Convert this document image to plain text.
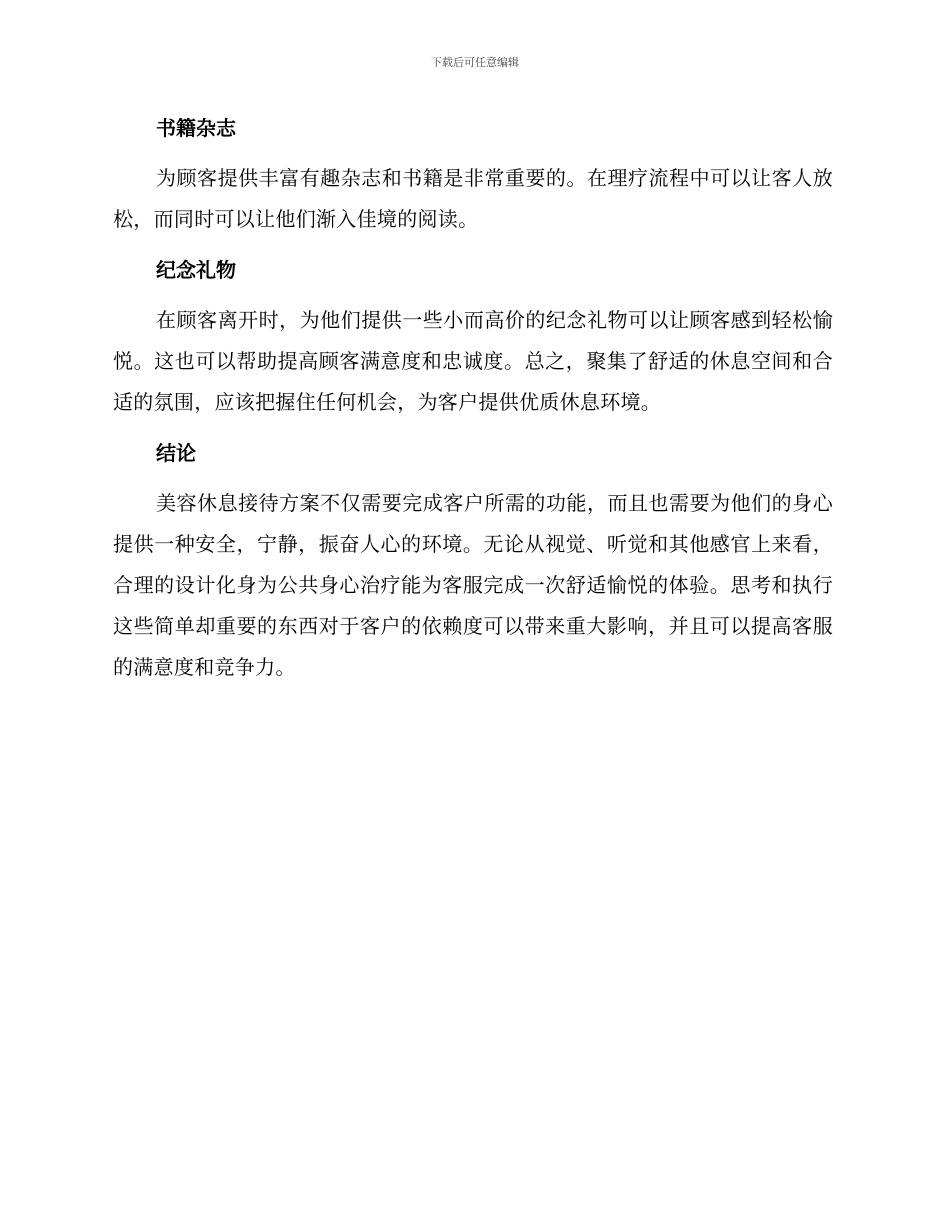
下载后可任意编辑
书籍杂志

为顾客提供丰富有趣杂志和书籍是非常重要的。在理疗流程中可以让客人放松，而同时可以让他们渐入佳境的阅读。

纪念礼物

在顾客离开时，为他们提供一些小而高价的纪念礼物可以让顾客感到轻松愉悦。这也可以帮助提高顾客满意度和忠诚度。总之，聚集了舒适的休息空间和合适的氛围，应该把握住任何机会，为客户提供优质休息环境。

结论

美容休息接待方案不仅需要完成客户所需的功能，而且也需要为他们的身心提供一种安全，宁静，振奋人心的环境。无论从视觉、听觉和其他感官上来看，合理的设计化身为公共身心治疗能为客服完成一次舒适愉悦的体验。思考和执行这些简单却重要的东西对于客户的依赖度可以带来重大影响，并且可以提高客服的满意度和竞争力。
